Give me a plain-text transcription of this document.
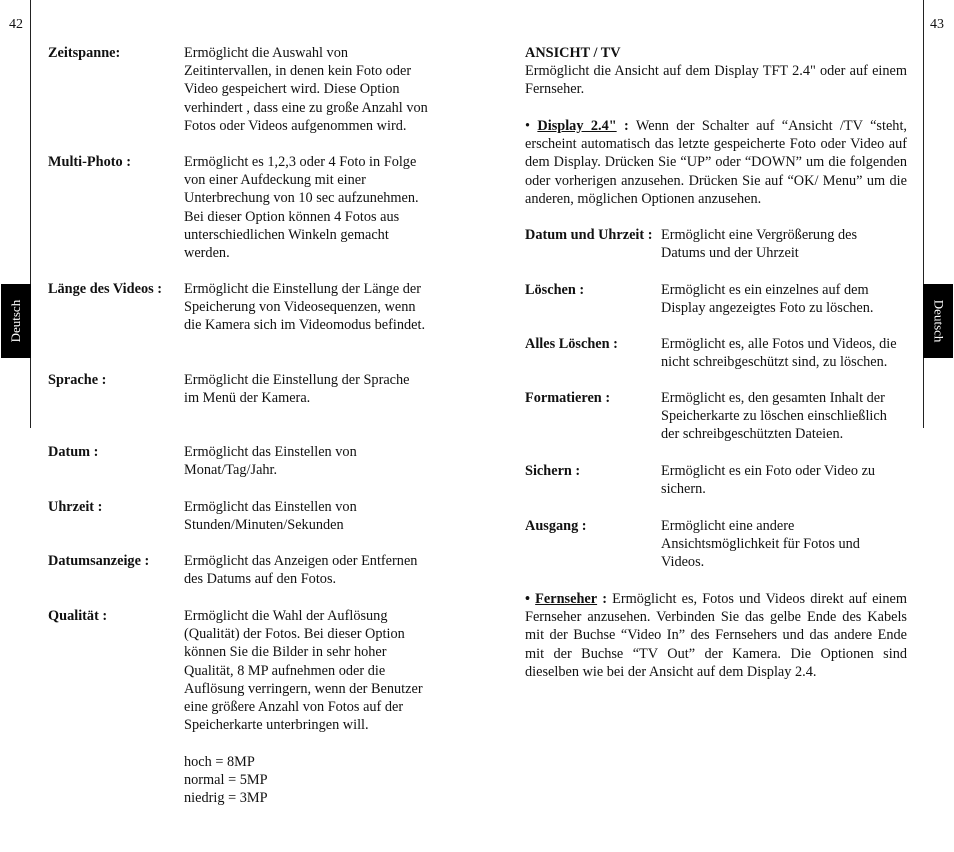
42	43
Deutsch	Deutsch
Zeitspanne:	Ermöglicht die Auswahl von

Zeitintervallen, in denen kein Foto oder

Video gespeichert wird. Diese Option

verhindert , dass eine zu große Anzahl von

Fotos oder Videos aufgenommen wird.

Multi-Photo :	Ermöglicht es 1,2,3 oder 4 Foto in Folge

von einer Aufdeckung mit einer

Unterbrechung von 10 sec aufzunehmen.

Bei dieser Option können 4 Fotos aus

unterschiedlichen Winkeln gemacht

werden.

Länge des Videos : Ermöglicht die Einstellung der Länge der

Speicherung von Videosequenzen, wenn

die Kamera sich im Videomodus befindet.

Sprache :	Ermöglicht die Einstellung der Sprache

im Menü der Kamera.

Datum :	Ermöglicht das Einstellen von

Monat/Tag/Jahr.

Uhrzeit :	Ermöglicht das Einstellen von

Stunden/Minuten/Sekunden

Datumsanzeige : Ermöglicht das Anzeigen oder Entfernen

des Datums auf den Fotos.

Qualität :	Ermöglicht die Wahl der Auflösung

(Qualität) der Fotos. Bei dieser Option

können Sie die Bilder in sehr hoher

Qualität, 8 MP aufnehmen oder die

Auflösung verringern, wenn der Benutzer

eine größere Anzahl von Fotos auf der

Speicherkarte unterbringen will.

hoch = 8MP

normal = 5MP

niedrig = 3MP

ANSICHT / TV

Ermöglicht die Ansicht auf dem Display TFT 2.4" oder auf einem Fernseher.

• Display 2.4" : Wenn der Schalter auf “Ansicht /TV “steht, erscheint automatisch das letzte gespeicherte Foto oder Video auf dem Display. Drücken Sie “UP” oder “DOWN” um die folgenden oder vorherigen anzusehen. Drücken Sie auf “OK/ Menu” um die anderen, möglichen Optionen anzusehen.

Datum und Uhrzeit : Ermöglicht eine Vergrößerung des

Datums und der Uhrzeit

Löschen :	Ermöglicht es ein einzelnes auf dem

Display angezeigtes Foto zu löschen.

Alles Löschen :	Ermöglicht es, alle Fotos und Videos, die

nicht schreibgeschützt sind, zu löschen.

Formatieren :	Ermöglicht es, den gesamten Inhalt der

Speicherkarte zu löschen einschließlich

der schreibgeschützten Dateien.

Sichern :	Ermöglicht es ein Foto oder Video zu

sichern.

Ausgang :	Ermöglicht eine andere

Ansichtsmöglichkeit für Fotos und

Videos.

• Fernseher : Ermöglicht es, Fotos und Videos direkt auf einem Fernseher anzusehen. Verbinden Sie das gelbe Ende des Kabels mit der Buchse “Video In” des Fernsehers und das andere Ende mit der Buchse “TV Out” der Kamera. Die Optionen sind dieselben wie bei der Ansicht auf dem Display 2.4.
